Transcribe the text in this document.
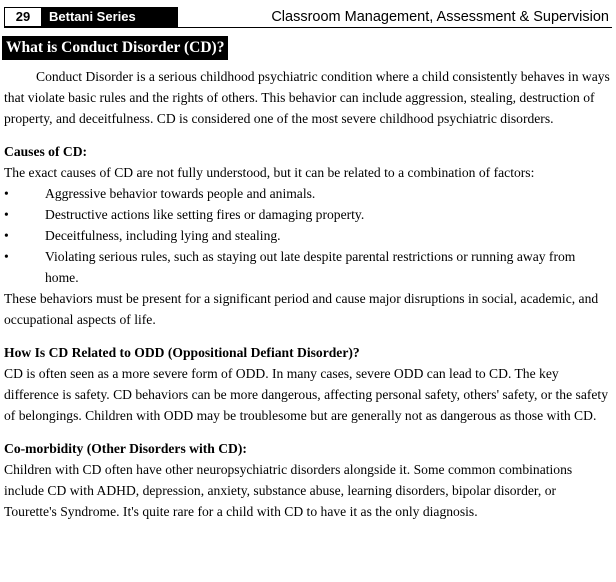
29	Bettani Series	Classroom Management, Assessment & Supervision
What is Conduct Disorder (CD)?

Conduct Disorder is a serious childhood psychiatric condition where a child consistently behaves in ways that violate basic rules and the rights of others. This behavior can include aggression, stealing, destruction of property, and deceitfulness. CD is considered one of the most severe childhood psychiatric disorders.

Causes of CD:

The exact causes of CD are not fully understood, but it can be related to a combination of factors:

•	Aggressive behavior towards people and animals.
•	Destructive actions like setting fires or damaging property.
•	Deceitfulness, including lying and stealing.
•	Violating serious rules, such as staying out late despite parental restrictions or running away from home.

These behaviors must be present for a significant period and cause major disruptions in social, academic, and occupational aspects of life.

How Is CD Related to ODD (Oppositional Defiant Disorder)?

CD is often seen as a more severe form of ODD. In many cases, severe ODD can lead to CD. The key difference is safety. CD behaviors can be more dangerous, affecting personal safety, others' safety, or the safety of belongings. Children with ODD may be troublesome but are generally not as dangerous as those with CD.

Co-morbidity (Other Disorders with CD):

Children with CD often have other neuropsychiatric disorders alongside it. Some common combinations include CD with ADHD, depression, anxiety, substance abuse, learning disorders, bipolar disorder, or Tourette's Syndrome. It's quite rare for a child with CD to have it as the only diagnosis.
